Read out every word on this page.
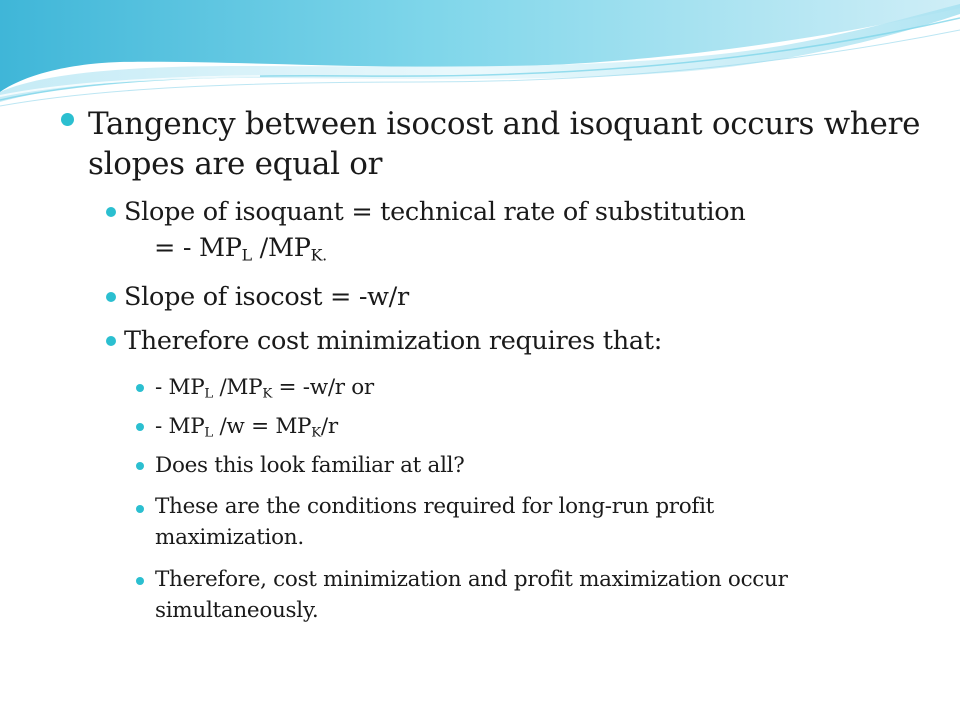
Tangency between isocost and isoquant occurs where
slopes are equal or
Slope of isoquant = technical rate of substitution
= - $MP_L$ $/MP_{K.}$
Slope of isocost = -w/r
Therefore cost minimization requires that:
- $MP_L$ $/MP_K = -w/r$ or
- $MP_L$ $/w = MP_K/r$
Does this look familiar at all?
These are the conditions required for long-run profit
maximization.
Therefore, cost minimization and profit maximization occur
simultaneously.
